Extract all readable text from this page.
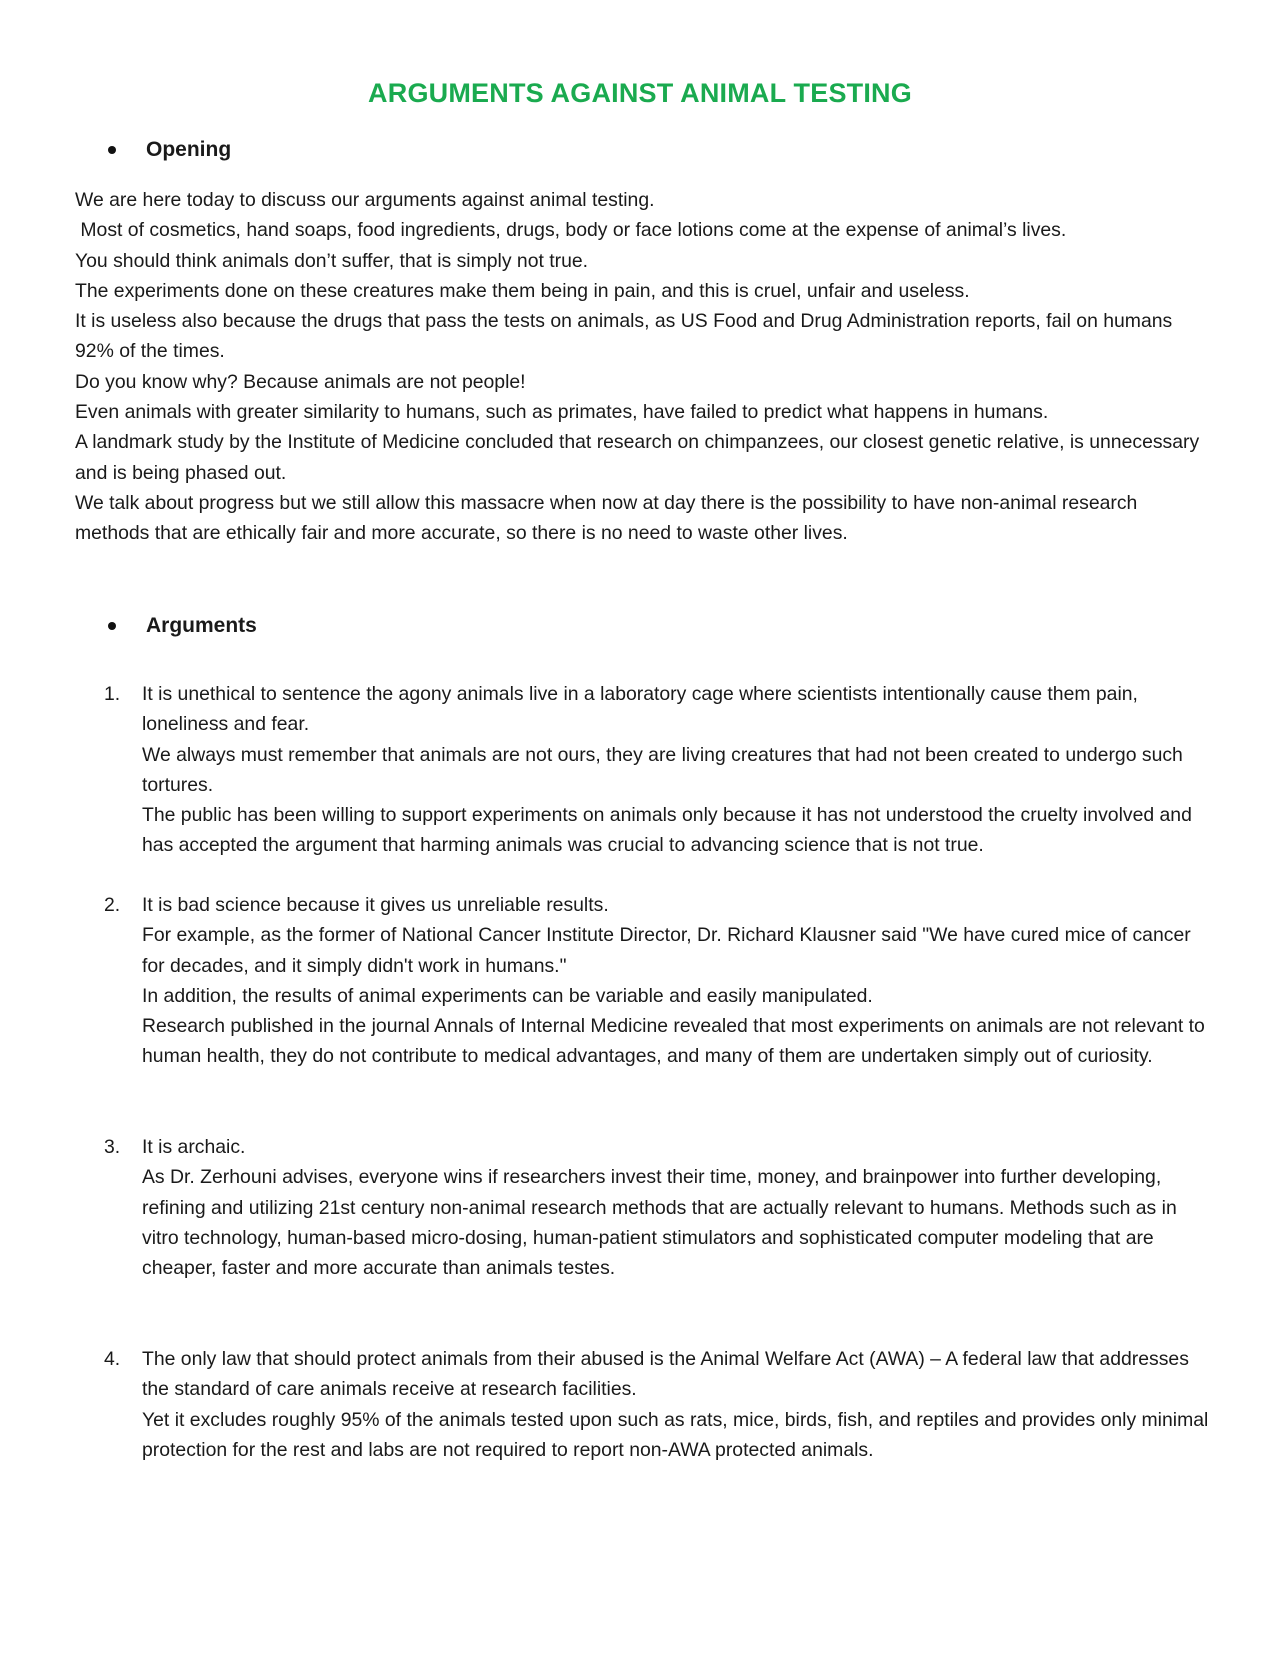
ARGUMENTS AGAINST ANIMAL TESTING
Opening

We are here today to discuss our arguments against animal testing.

Most of cosmetics, hand soaps, food ingredients, drugs, body or face lotions come at the expense of animal’s lives.

You should think animals don’t suffer, that is simply not true.

The experiments done on these creatures make them being in pain, and this is cruel, unfair and useless.

It is useless also because the drugs that pass the tests on animals, as US Food and Drug Administration reports, fail on humans 92% of the times.

Do you know why? Because animals are not people!

Even animals with greater similarity to humans, such as primates, have failed to predict what happens in humans.

A landmark study by the Institute of Medicine concluded that research on chimpanzees, our closest genetic relative, is unnecessary and is being phased out.

We talk about progress but we still allow this massacre when now at day there is the possibility to have non-animal research methods that are ethically fair and more accurate, so there is no need to waste other lives.

Arguments
1.	It is unethical to sentence the agony animals live in a laboratory cage where scientists intentionally cause them pain, loneliness and fear.

We always must remember that animals are not ours, they are living creatures that had not been created to undergo such tortures.

The public has been willing to support experiments on animals only because it has not understood the cruelty involved and has accepted the argument that harming animals was crucial to advancing science that is not true.

2.	It is bad science because it gives us unreliable results.

For example, as the former of National Cancer Institute Director, Dr. Richard Klausner said "We have cured mice of cancer for decades, and it simply didn't work in humans."

In addition, the results of animal experiments can be variable and easily manipulated.

Research published in the journal Annals of Internal Medicine revealed that most experiments on animals are not relevant to human health, they do not contribute to medical advantages, and many of them are undertaken simply out of curiosity.

3.	It is archaic.

As Dr. Zerhouni advises, everyone wins if researchers invest their time, money, and brainpower into further developing, refining and utilizing 21st century non-animal research methods that are actually relevant to humans. Methods such as in vitro technology, human-based micro-dosing, human-patient stimulators and sophisticated computer modeling that are cheaper, faster and more accurate than animals testes.

4.	The only law that should protect animals from their abused is the Animal Welfare Act (AWA) – A federal law that addresses the standard of care animals receive at research facilities.

Yet it excludes roughly 95% of the animals tested upon such as rats, mice, birds, fish, and reptiles and provides only minimal protection for the rest and labs are not required to report non-AWA protected animals.
